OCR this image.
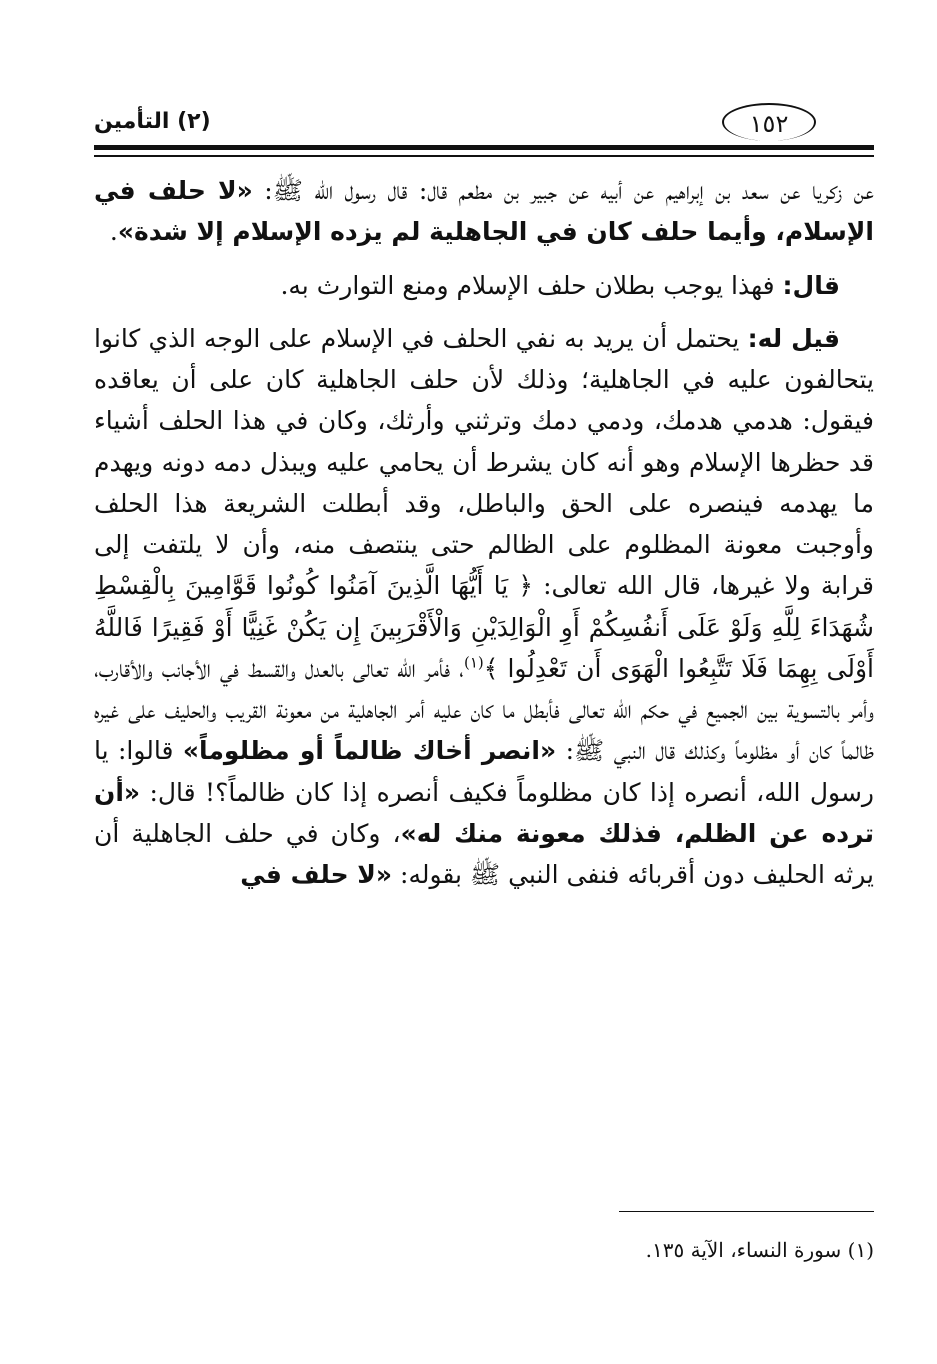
١٥٢
(٢) التأمين

عن زكريا عن سعد بن إبراهيم عن أبيه عن جبير بن مطعم قال: قال رسول الله ﷺ: «لا حلف في الإسلام، وأيما حلف كان في الجاهلية لم يزده الإسلام إلا شدة».

قال: فهذا يوجب بطلان حلف الإسلام ومنع التوارث به.

قيل له: يحتمل أن يريد به نفي الحلف في الإسلام على الوجه الذي كانوا يتحالفون عليه في الجاهلية؛ وذلك لأن حلف الجاهلية كان على أن يعاقده فيقول: هدمي هدمك، ودمي دمك وترثني وأرثك، وكان في هذا الحلف أشياء قد حظرها الإسلام وهو أنه كان يشرط أن يحامي عليه ويبذل دمه دونه ويهدم ما يهدمه فينصره على الحق والباطل، وقد أبطلت الشريعة هذا الحلف وأوجبت معونة المظلوم على الظالم حتى ينتصف منه، وأن لا يلتفت إلى قرابة ولا غيرها، قال الله تعالى: ﴿ يَا أَيُّهَا الَّذِينَ آمَنُوا كُونُوا قَوَّامِينَ بِالْقِسْطِ شُهَدَاءَ لِلَّهِ وَلَوْ عَلَى أَنفُسِكُمْ أَوِ الْوَالِدَيْنِ وَالْأَقْرَبِينَ إِن يَكُنْ غَنِيًّا أَوْ فَقِيرًا فَاللَّهُ أَوْلَى بِهِمَا فَلَا تَتَّبِعُوا الْهَوَى أَن تَعْدِلُوا ﴾$^{(١)}$، فأمر الله تعالى بالعدل والقسط في الأجانب والأقارب، وأمر بالتسوية بين الجميع في حكم الله تعالى فأبطل ما كان عليه أمر الجاهلية من معونة القريب والحليف على غيره ظالماً كان أو مظلوماً وكذلك قال النبي ﷺ: «انصر أخاك ظالماً أو مظلوماً» قالوا: يا رسول الله، أنصره إذا كان مظلوماً فكيف أنصره إذا كان ظالماً؟! قال: «أن ترده عن الظلم، فذلك معونة منك له»، وكان في حلف الجاهلية أن يرثه الحليف دون أقربائه فنفى النبي ﷺ بقوله: «لا حلف في

(١) سورة النساء، الآية ١٣٥.
